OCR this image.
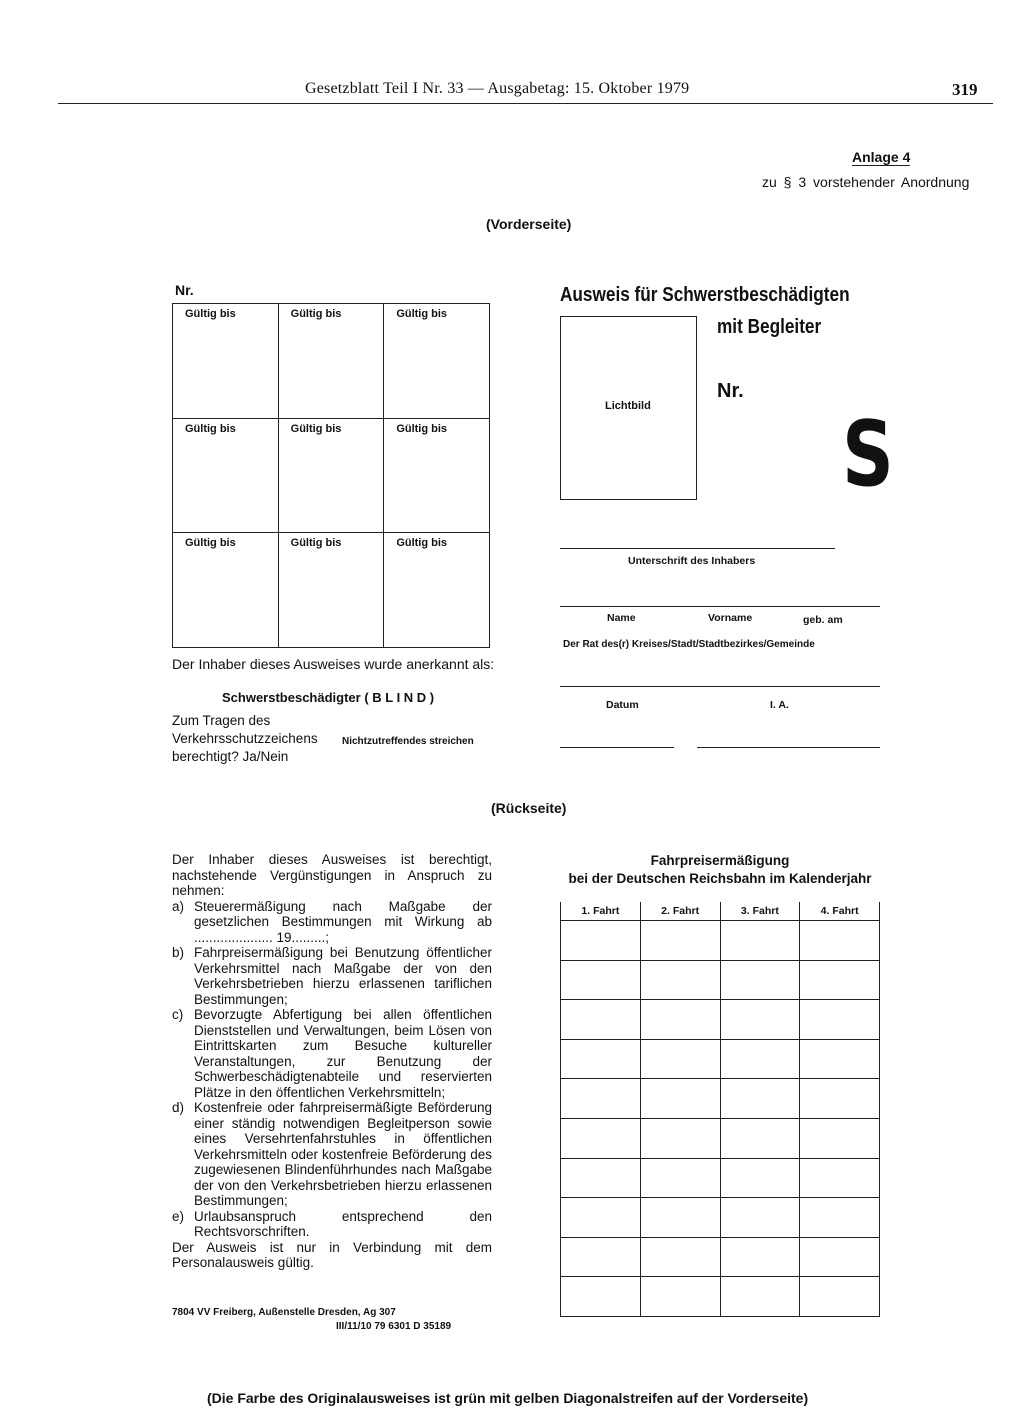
Gesetzblatt Teil I Nr. 33 — Ausgabetag: 15. Oktober 1979	319
Anlage 4
zu § 3 vorstehender Anordnung
(Vorderseite)
Nr.
Gültig bis	Gültig bis	Gültig bis
Gültig bis	Gültig bis	Gültig bis
Gültig bis	Gültig bis	Gültig bis
Der Inhaber dieses Ausweises wurde anerkannt als:
Schwerstbeschädigter ( B L I N D )
Zum Tragen des Verkehrsschutzzeichens berechtigt? Ja/Nein
Nichtzutreffendes streichen
Ausweis für Schwerstbeschädigten
mit Begleiter
Lichtbild
Nr.
S
Unterschrift des Inhabers
Name	Vorname	geb. am
Der Rat des(r) Kreises/Stadt/Stadtbezirkes/Gemeinde
Datum	I. A.
(Rückseite)

Der Inhaber dieses Ausweises ist berechtigt, nachstehende Vergünstigungen in Anspruch zu nehmen:

a) Steuerermäßigung nach Maßgabe der gesetzlichen Bestimmungen mit Wirkung ab ..................... 19.........;
b) Fahrpreisermäßigung bei Benutzung öffentlicher Verkehrsmittel nach Maßgabe der von den Verkehrsbetrieben hierzu erlassenen tariflichen Bestimmungen;
c) Bevorzugte Abfertigung bei allen öffentlichen Dienststellen und Verwaltungen, beim Lösen von Eintrittskarten zum Besuche kultureller Veranstaltungen, zur Benutzung der Schwerbeschädigtenabteile und reservierten Plätze in den öffentlichen Verkehrsmitteln;
d) Kostenfreie oder fahrpreisermäßigte Beförderung einer ständig notwendigen Begleitperson sowie eines Versehrtenfahrstuhles in öffentlichen Verkehrsmitteln oder kostenfreie Beförderung des zugewiesenen Blindenführhundes nach Maßgabe der von den Verkehrsbetrieben hierzu erlassenen Bestimmungen;
e) Urlaubsanspruch entsprechend den Rechtsvorschriften.

Der Ausweis ist nur in Verbindung mit dem Personalausweis gültig.

7804 VV Freiberg, Außenstelle Dresden, Ag 307
III/11/10 79 6301 D 35189
Fahrpreisermäßigung
bei der Deutschen Reichsbahn im Kalenderjahr
1. Fahrt	2. Fahrt	3. Fahrt	4. Fahrt

(Die Farbe des Originalausweises ist grün mit gelben Diagonalstreifen auf der Vorderseite)
